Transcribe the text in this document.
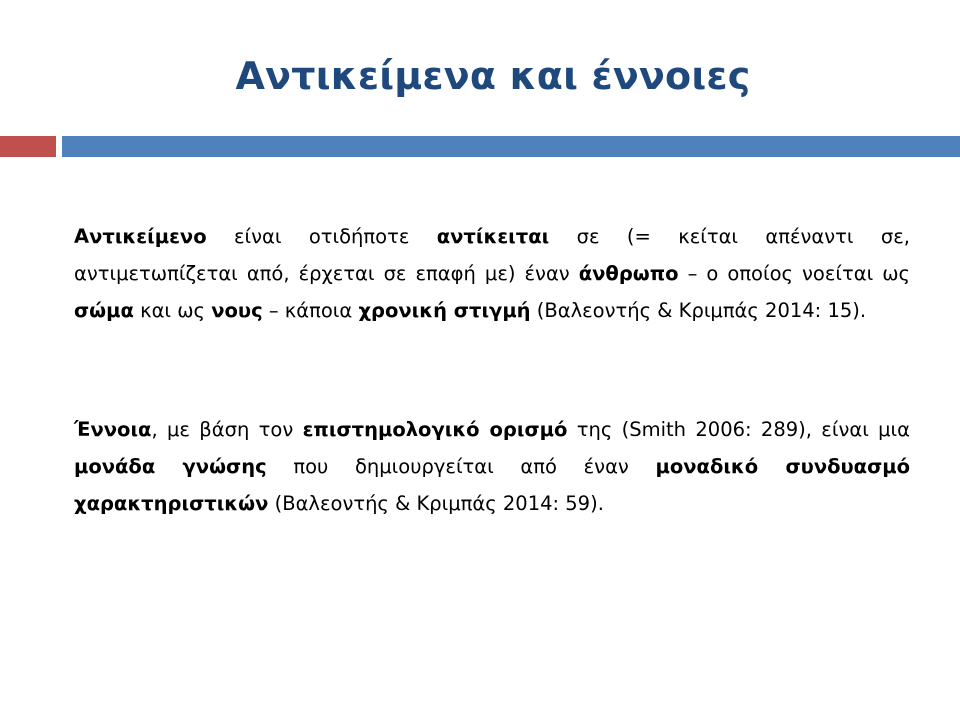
Αντικείμενα και έννοιες

Αντικείμενο είναι οτιδήποτε αντίκειται σε (= κείται απέναντι σε, αντιμετωπίζεται από, έρχεται σε επαφή με) έναν άνθρωπο – ο οποίος νοείται ως σώμα και ως νους – κάποια χρονική στιγμή (Βαλεοντής & Κριμπάς 2014: 15).

Έννοια, με βάση τον επιστημολογικό ορισμό της (Smith 2006: 289), είναι μια μονάδα γνώσης που δημιουργείται από έναν μοναδικό συνδυασμό χαρακτηριστικών (Βαλεοντής & Κριμπάς 2014: 59).
